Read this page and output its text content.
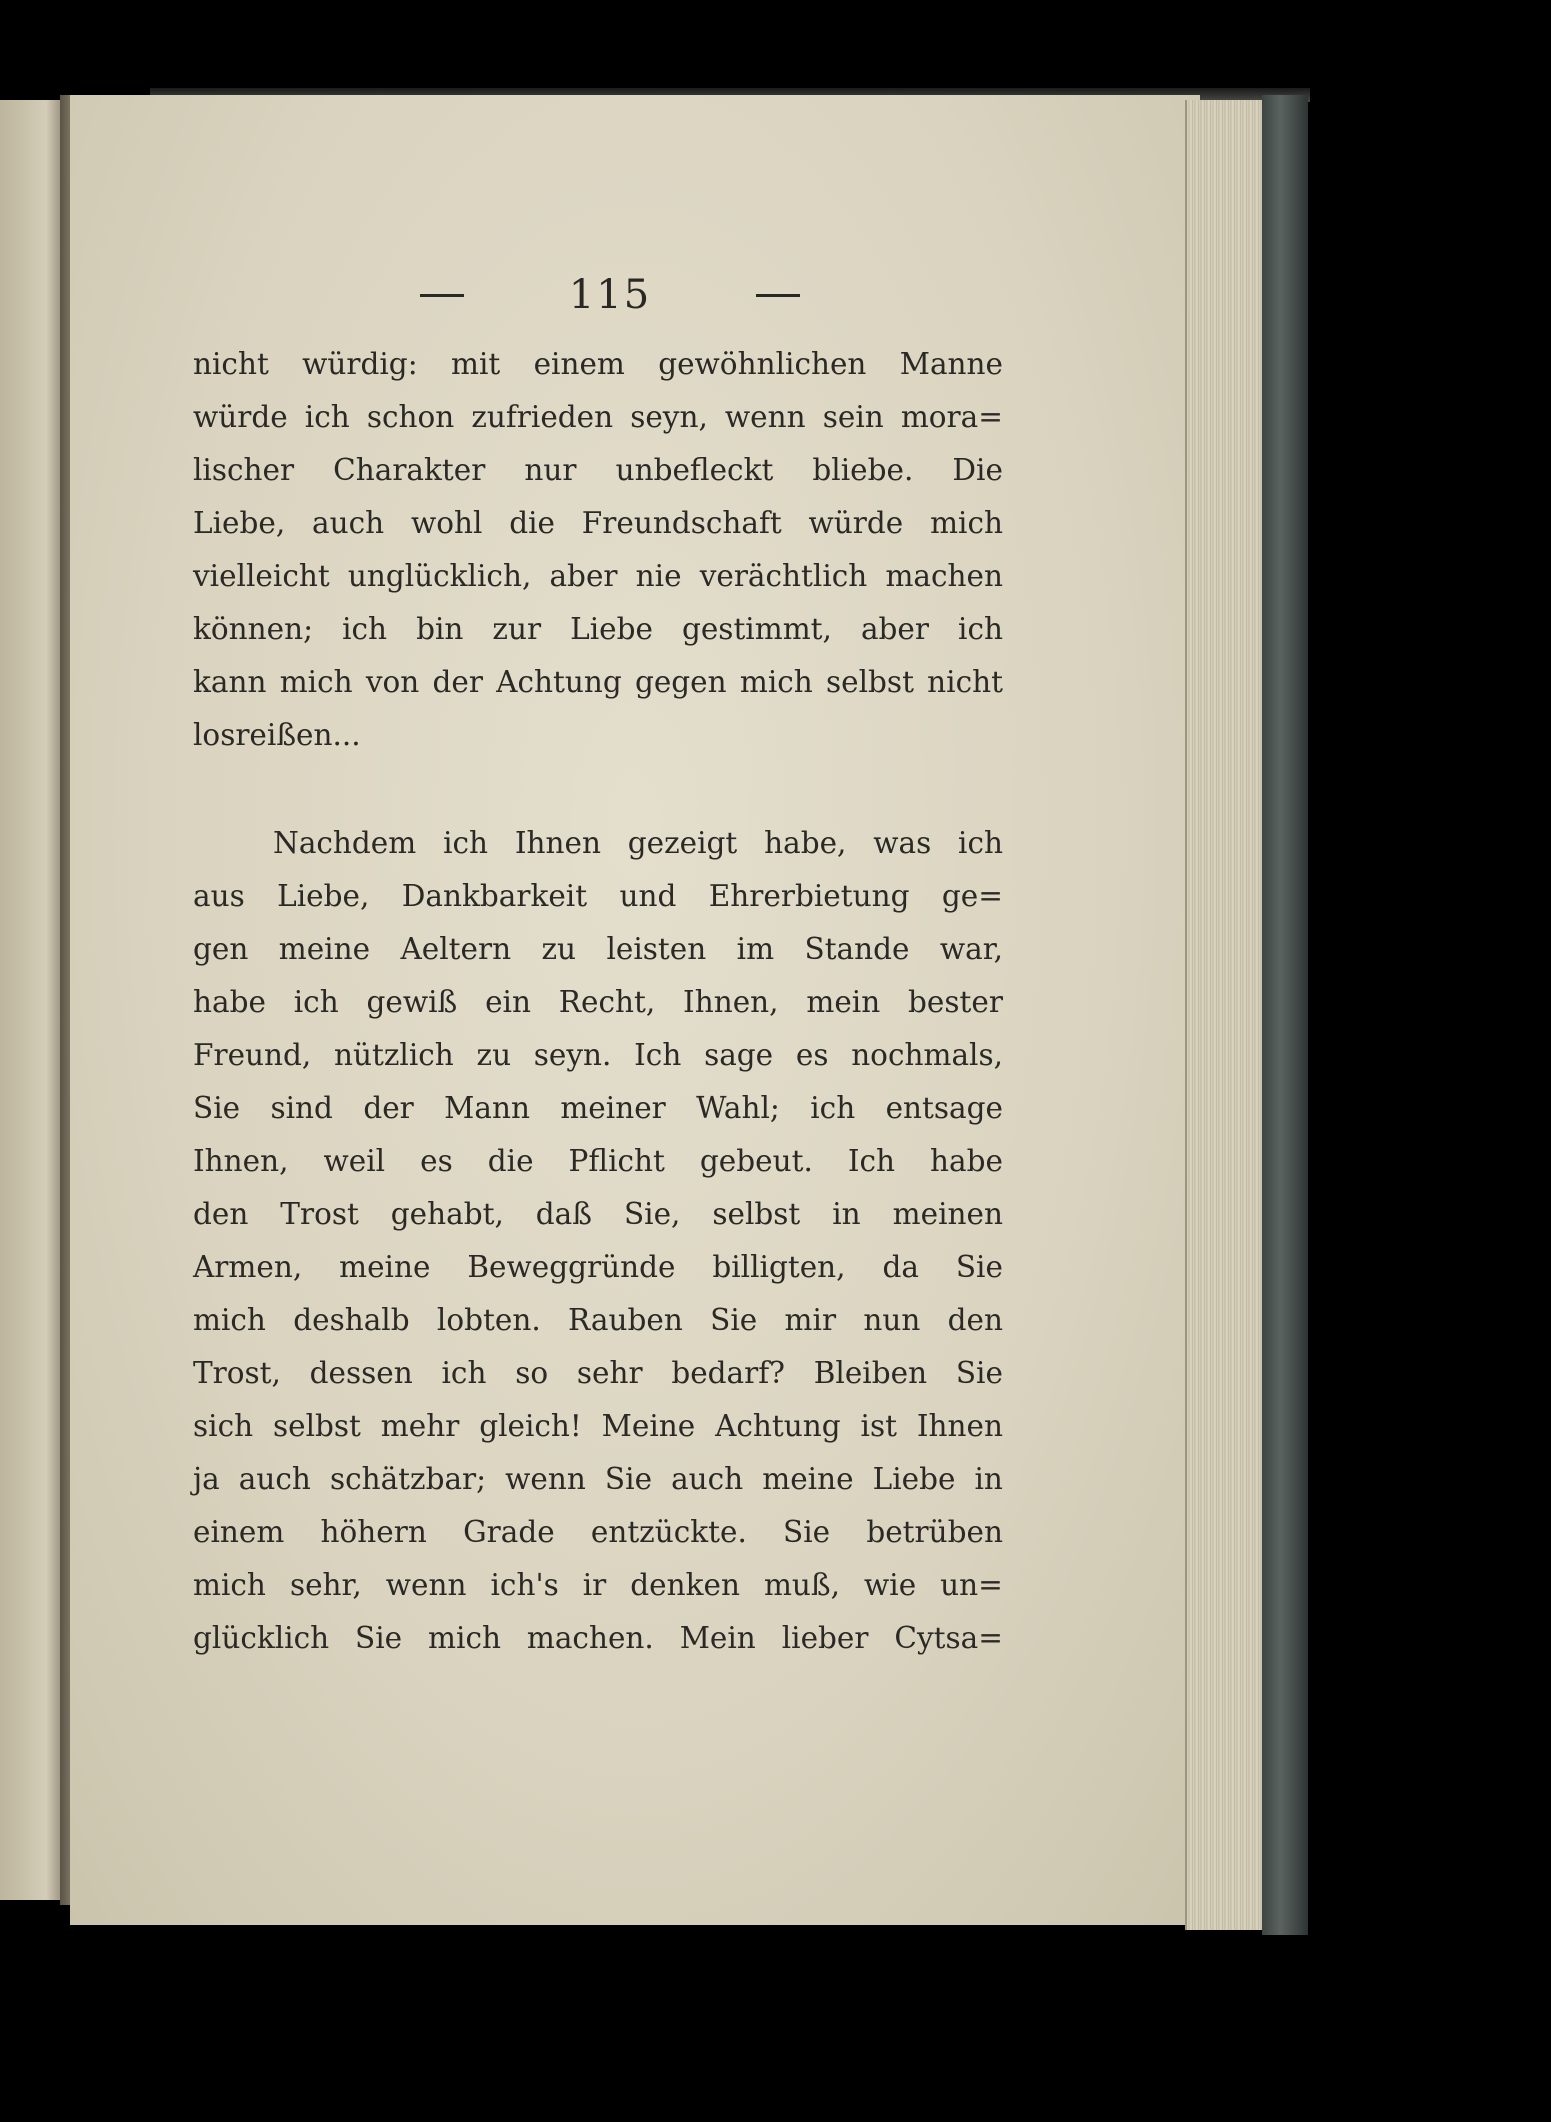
115
nicht würdig: mit einem gewöhnlichen Manne
würde ich schon zufrieden seyn, wenn sein mora=
lischer Charakter nur unbefleckt bliebe. Die
Liebe, auch wohl die Freundschaft würde mich
vielleicht unglücklich, aber nie verächtlich machen
können; ich bin zur Liebe gestimmt, aber ich
kann mich von der Achtung gegen mich selbst nicht
losreißen...
Nachdem ich Ihnen gezeigt habe, was ich
aus Liebe, Dankbarkeit und Ehrerbietung ge=
gen meine Aeltern zu leisten im Stande war,
habe ich gewiß ein Recht, Ihnen, mein bester
Freund, nützlich zu seyn. Ich sage es nochmals,
Sie sind der Mann meiner Wahl; ich entsage
Ihnen, weil es die Pflicht gebeut. Ich habe
den Trost gehabt, daß Sie, selbst in meinen
Armen, meine Beweggründe billigten, da Sie
mich deshalb lobten. Rauben Sie mir nun den
Trost, dessen ich so sehr bedarf? Bleiben Sie
sich selbst mehr gleich! Meine Achtung ist Ihnen
ja auch schätzbar; wenn Sie auch meine Liebe in
einem höhern Grade entzückte. Sie betrüben
mich sehr, wenn ich's ir denken muß, wie un=
glücklich Sie mich machen. Mein lieber Cytsa=
